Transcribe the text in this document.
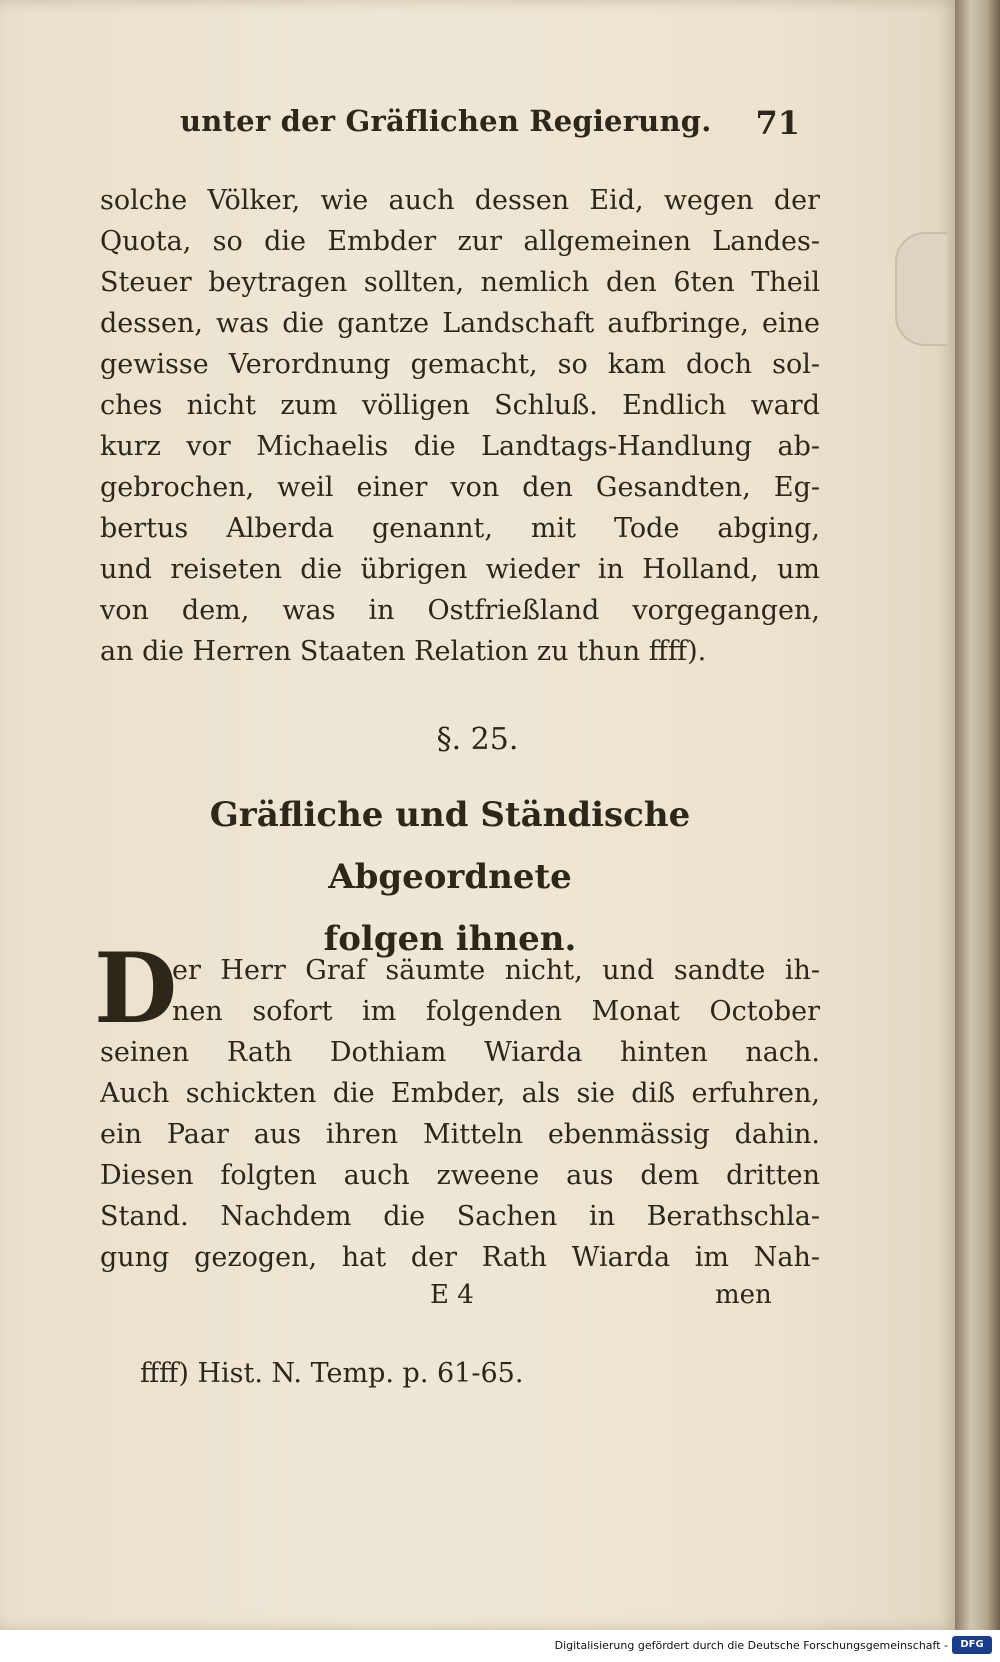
unter der Gräflichen Regierung. 71
solche Völker, wie auch dessen Eid, wegen der
Quota, so die Embder zur allgemeinen Landes-
Steuer beytragen sollten, nemlich den 6ten Theil
dessen, was die gantze Landschaft aufbringe, eine
gewisse Verordnung gemacht, so kam doch sol-
ches nicht zum völligen Schluß. Endlich ward
kurz vor Michaelis die Landtags-Handlung ab-
gebrochen, weil einer von den Gesandten, Eg-
bertus Alberda genannt, mit Tode abging,
und reiseten die übrigen wieder in Holland, um
von dem, was in Ostfrießland vorgegangen,
an die Herren Staaten Relation zu thun ffff).
§. 25.
Gräfliche und Ständische Abgeordnete
folgen ihnen.
D
er Herr Graf säumte nicht, und sandte ih-
nen sofort im folgenden Monat October
seinen Rath Dothiam Wiarda hinten nach.
Auch schickten die Embder, als sie diß erfuhren,
ein Paar aus ihren Mitteln ebenmässig dahin.
Diesen folgten auch zweene aus dem dritten
Stand. Nachdem die Sachen in Berathschla-
gung gezogen, hat der Rath Wiarda im Nah-
E 4	men
ffff) Hist. N. Temp. p. 61-65.
Digitalisierung gefördert durch die Deutsche Forschungsgemeinschaft -	DFG
